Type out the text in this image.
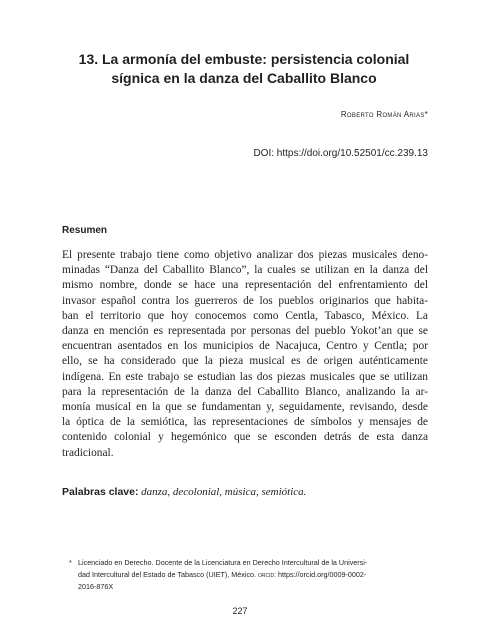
13. La armonía del embuste: persistencia colonial
sígnica en la danza del Caballito Blanco
Roberto Román Arias*
DOI: https://doi.org/10.52501/cc.239.13
Resumen
El presente trabajo tiene como objetivo analizar dos piezas musicales deno-
minadas “Danza del Caballito Blanco”, la cuales se utilizan en la danza del
mismo nombre, donde se hace una representación del enfrentamiento del
invasor español contra los guerreros de los pueblos originarios que habita-
ban el territorio que hoy conocemos como Centla, Tabasco, México. La
danza en mención es representada por personas del pueblo Yokot’an que se
encuentran asentados en los municipios de Nacajuca, Centro y Centla; por
ello, se ha considerado que la pieza musical es de origen auténticamente
indígena. En este trabajo se estudian las dos piezas musicales que se utilizan
para la representación de la danza del Caballito Blanco, analizando la ar-
monía musical en la que se fundamentan y, seguidamente, revisando, desde
la óptica de la semiótica, las representaciones de símbolos y mensajes de
contenido colonial y hegemónico que se esconden detrás de esta danza
tradicional.
Palabras clave: danza, decolonial, música, semiótica.
* Licenciado en Derecho. Docente de la Licenciatura en Derecho Intercultural de la Universi-
dad Intercultural del Estado de Tabasco (UIET), México. orcid: https://orcid.org/0009-0002-
2016-876X
227
